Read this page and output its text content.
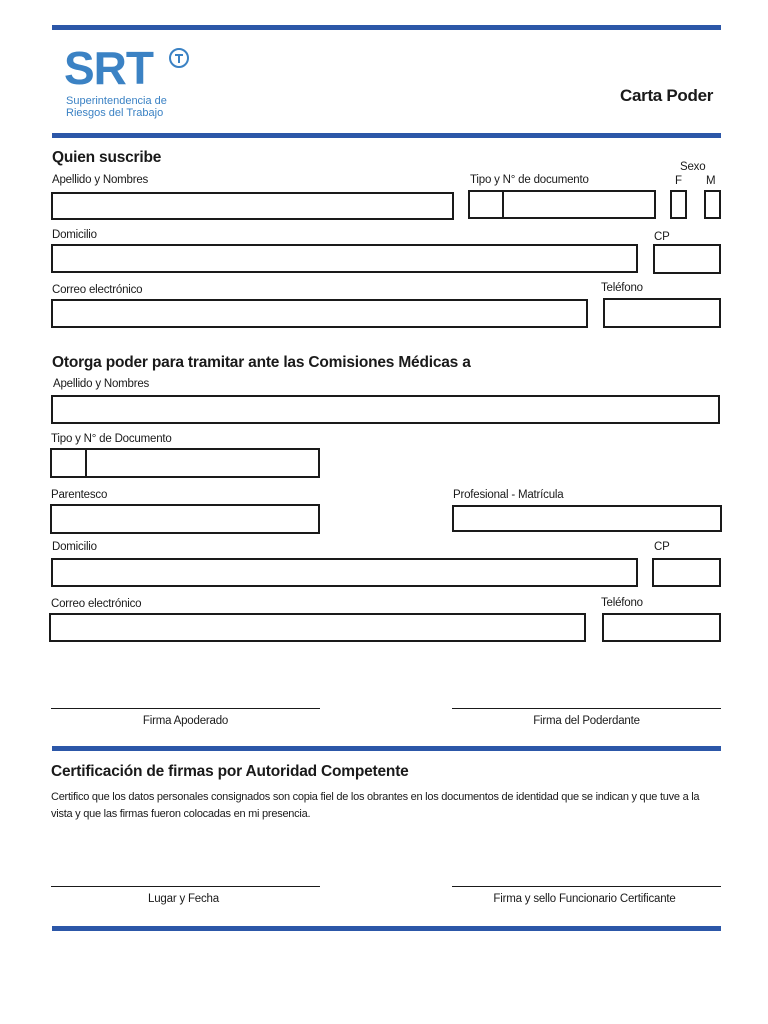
SRT
Superintendencia de
Riesgos del Trabajo
Carta Poder
Quien suscribe
Apellido y Nombres	Tipo y N° de documento
Sexo
F M
Domicilio	CP
Correo electrónico	Teléfono
Otorga poder para tramitar ante las Comisiones Médicas a
Apellido y Nombres
Tipo y N° de Documento
Parentesco	Profesional - Matrícula
Domicilio	CP
Correo electrónico	Teléfono
Firma Apoderado	Firma del Poderdante
Certificación de firmas por Autoridad Competente
Certifico que los datos personales consignados son copia fiel de los obrantes en los documentos de identidad que se indican y que tuve a la vista y que las firmas fueron colocadas en mi presencia.
Lugar y Fecha	Firma y sello Funcionario Certificante
